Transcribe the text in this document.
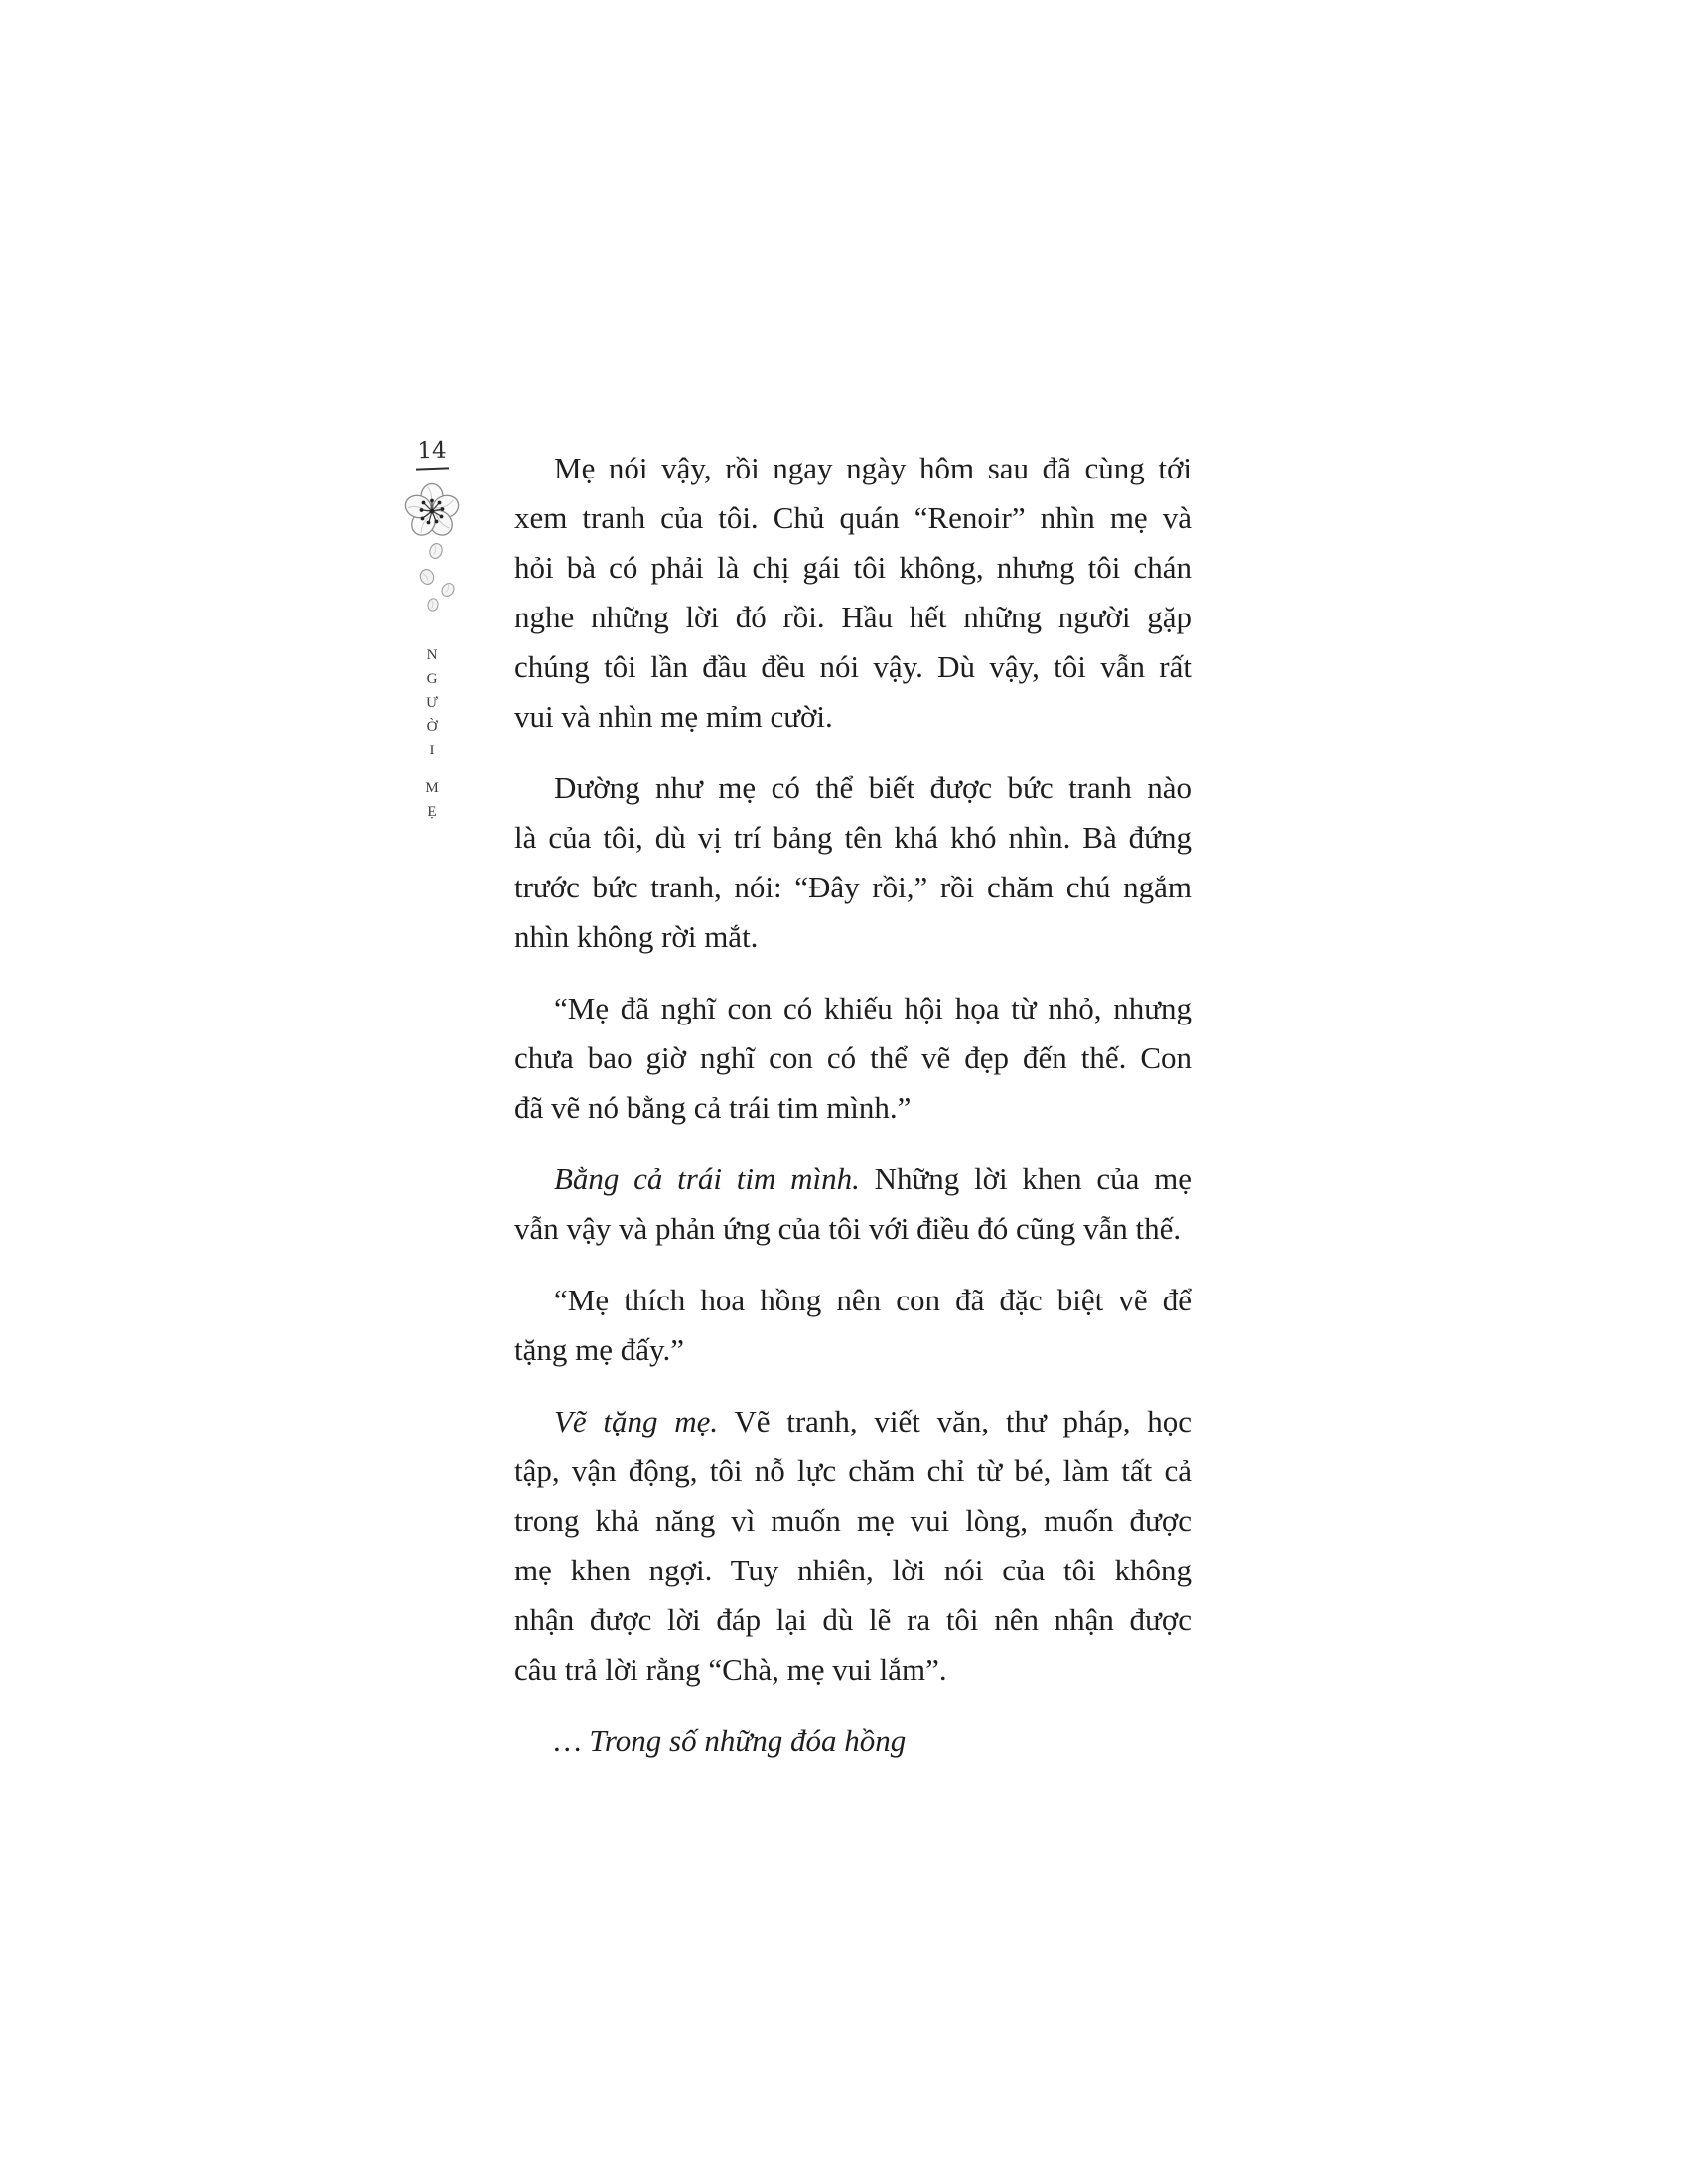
14
N
G
Ư
Ờ
I
M
Ẹ
Mẹ nói vậy, rồi ngay ngày hôm sau đã cùng tới
xem tranh của tôi. Chủ quán “Renoir” nhìn mẹ và
hỏi bà có phải là chị gái tôi không, nhưng tôi chán
nghe những lời đó rồi. Hầu hết những người gặp
chúng tôi lần đầu đều nói vậy. Dù vậy, tôi vẫn rất
vui và nhìn mẹ mỉm cười.
Dường như mẹ có thể biết được bức tranh nào
là của tôi, dù vị trí bảng tên khá khó nhìn. Bà đứng
trước bức tranh, nói: “Đây rồi,” rồi chăm chú ngắm
nhìn không rời mắt.
“Mẹ đã nghĩ con có khiếu hội họa từ nhỏ, nhưng
chưa bao giờ nghĩ con có thể vẽ đẹp đến thế. Con
đã vẽ nó bằng cả trái tim mình.”
Bằng cả trái tim mình. Những lời khen của mẹ
vẫn vậy và phản ứng của tôi với điều đó cũng vẫn thế.
“Mẹ thích hoa hồng nên con đã đặc biệt vẽ để
tặng mẹ đấy.”
Vẽ tặng mẹ. Vẽ tranh, viết văn, thư pháp, học
tập, vận động, tôi nỗ lực chăm chỉ từ bé, làm tất cả
trong khả năng vì muốn mẹ vui lòng, muốn được
mẹ khen ngợi. Tuy nhiên, lời nói của tôi không
nhận được lời đáp lại dù lẽ ra tôi nên nhận được
câu trả lời rằng “Chà, mẹ vui lắm”.
… Trong số những đóa hồng
